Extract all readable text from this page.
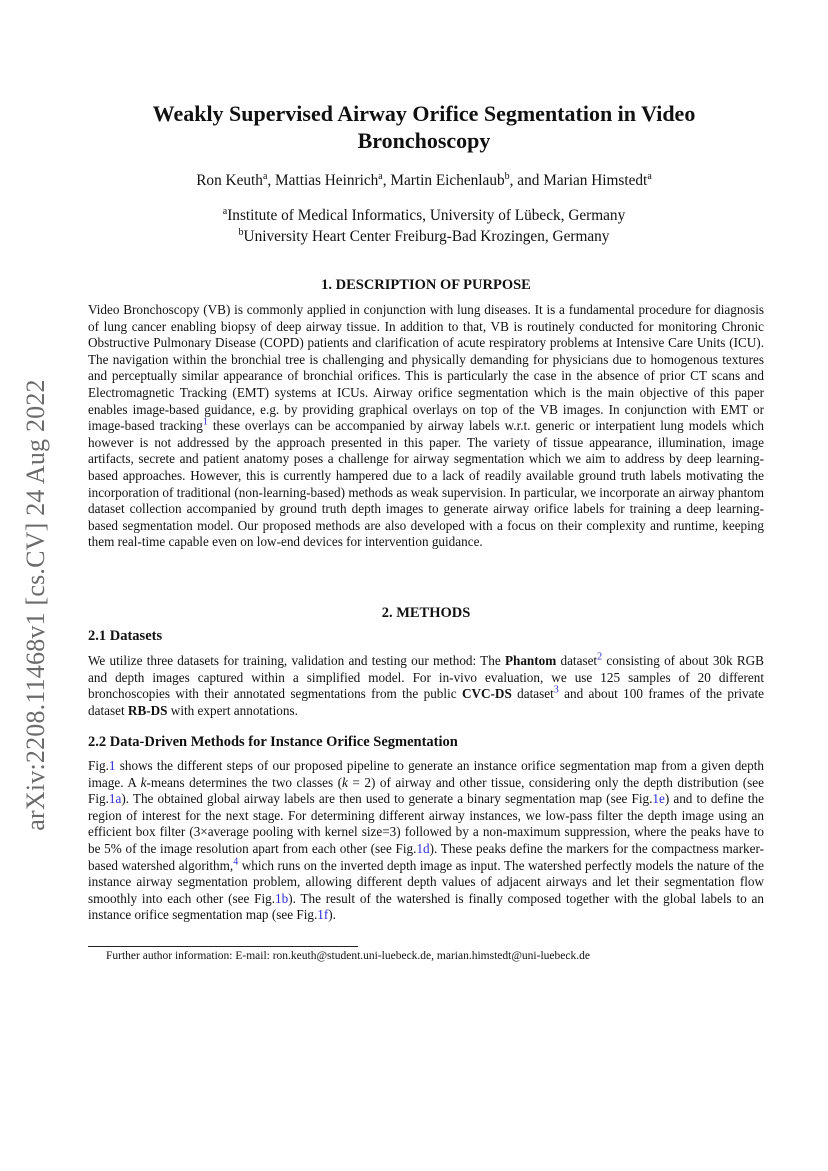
arXiv:2208.11468v1 [cs.CV] 24 Aug 2022
Weakly Supervised Airway Orifice Segmentation in Video
Bronchoscopy
Ron Keuth$^a$, Mattias Heinrich$^a$, Martin Eichenlaub$^b$, and Marian Himstedt$^a$
$^a$Institute of Medical Informatics, University of Lübeck, Germany
$^b$University Heart Center Freiburg-Bad Krozingen, Germany
1. DESCRIPTION OF PURPOSE
Video Bronchoscopy (VB) is commonly applied in conjunction with lung diseases. It is a fundamental procedure for diagnosis of lung cancer enabling biopsy of deep airway tissue. In addition to that, VB is routinely conducted for monitoring Chronic Obstructive Pulmonary Disease (COPD) patients and clarification of acute respiratory problems at Intensive Care Units (ICU). The navigation within the bronchial tree is challenging and physically demanding for physicians due to homogenous textures and perceptually similar appearance of bronchial orifices. This is particularly the case in the absence of prior CT scans and Electromagnetic Tracking (EMT) systems at ICUs. Airway orifice segmentation which is the main objective of this paper enables image-based guidance, e.g. by providing graphical overlays on top of the VB images. In conjunction with EMT or image-based tracking$^1$ these overlays can be accompanied by airway labels w.r.t. generic or interpatient lung models which however is not addressed by the approach presented in this paper. The variety of tissue appearance, illumination, image artifacts, secrete and patient anatomy poses a challenge for airway segmentation which we aim to address by deep learning-based approaches. However, this is currently hampered due to a lack of readily available ground truth labels motivating the incorporation of traditional (non-learning-based) methods as weak supervision. In particular, we incorporate an airway phantom dataset collection accompanied by ground truth depth images to generate airway orifice labels for training a deep learning-based segmentation model. Our proposed methods are also developed with a focus on their complexity and runtime, keeping them real-time capable even on low-end devices for intervention guidance.
2. METHODS
2.1 Datasets
We utilize three datasets for training, validation and testing our method: The Phantom dataset$^2$ consisting of about 30k RGB and depth images captured within a simplified model. For in-vivo evaluation, we use 125 samples of 20 different bronchoscopies with their annotated segmentations from the public CVC-DS dataset$^3$ and about 100 frames of the private dataset RB-DS with expert annotations.
2.2 Data-Driven Methods for Instance Orifice Segmentation
Fig.1 shows the different steps of our proposed pipeline to generate an instance orifice segmentation map from a given depth image. A k-means determines the two classes (k = 2) of airway and other tissue, considering only the depth distribution (see Fig.1a). The obtained global airway labels are then used to generate a binary segmentation map (see Fig.1e) and to define the region of interest for the next stage. For determining different airway instances, we low-pass filter the depth image using an efficient box filter (3×average pooling with kernel size=3) followed by a non-maximum suppression, where the peaks have to be 5% of the image resolution apart from each other (see Fig.1d). These peaks define the markers for the compactness marker-based watershed algorithm,$^4$ which runs on the inverted depth image as input. The watershed perfectly models the nature of the instance airway segmentation problem, allowing different depth values of adjacent airways and let their segmentation flow smoothly into each other (see Fig.1b). The result of the watershed is finally composed together with the global labels to an instance orifice segmentation map (see Fig.1f).
Further author information: E-mail: ron.keuth@student.uni-luebeck.de, marian.himstedt@uni-luebeck.de
